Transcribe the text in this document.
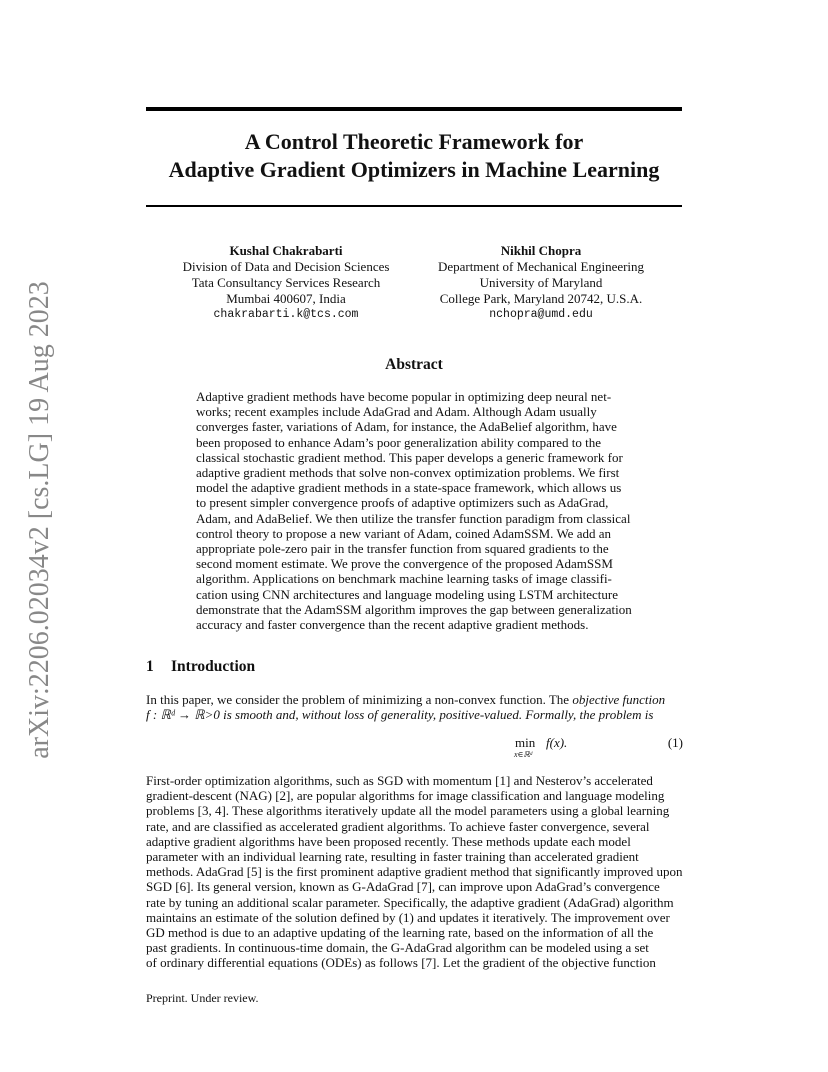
arXiv:2206.02034v2 [cs.LG] 19 Aug 2023
A Control Theoretic Framework for
Adaptive Gradient Optimizers in Machine Learning
Kushal Chakrabarti
Division of Data and Decision Sciences
Tata Consultancy Services Research
Mumbai 400607, India
chakrabarti.k@tcs.com
Nikhil Chopra
Department of Mechanical Engineering
University of Maryland
College Park, Maryland 20742, U.S.A.
nchopra@umd.edu
Abstract
Adaptive gradient methods have become popular in optimizing deep neural net-
works; recent examples include AdaGrad and Adam. Although Adam usually
converges faster, variations of Adam, for instance, the AdaBelief algorithm, have
been proposed to enhance Adam’s poor generalization ability compared to the
classical stochastic gradient method. This paper develops a generic framework for
adaptive gradient methods that solve non-convex optimization problems. We first
model the adaptive gradient methods in a state-space framework, which allows us
to present simpler convergence proofs of adaptive optimizers such as AdaGrad,
Adam, and AdaBelief. We then utilize the transfer function paradigm from classical
control theory to propose a new variant of Adam, coined AdamSSM. We add an
appropriate pole-zero pair in the transfer function from squared gradients to the
second moment estimate. We prove the convergence of the proposed AdamSSM
algorithm. Applications on benchmark machine learning tasks of image classifi-
cation using CNN architectures and language modeling using LSTM architecture
demonstrate that the AdamSSM algorithm improves the gap between generalization
accuracy and faster convergence than the recent adaptive gradient methods.
1 Introduction
In this paper, we consider the problem of minimizing a non-convex function. The objective function
f : ℝᵈ → ℝ>0 is smooth and, without loss of generality, positive-valued. Formally, the problem is
min
x∈ℝᵈ
f(x).	(1)
First-order optimization algorithms, such as SGD with momentum [1] and Nesterov’s accelerated
gradient-descent (NAG) [2], are popular algorithms for image classification and language modeling
problems [3, 4]. These algorithms iteratively update all the model parameters using a global learning
rate, and are classified as accelerated gradient algorithms. To achieve faster convergence, several
adaptive gradient algorithms have been proposed recently. These methods update each model
parameter with an individual learning rate, resulting in faster training than accelerated gradient
methods. AdaGrad [5] is the first prominent adaptive gradient method that significantly improved upon
SGD [6]. Its general version, known as G-AdaGrad [7], can improve upon AdaGrad’s convergence
rate by tuning an additional scalar parameter. Specifically, the adaptive gradient (AdaGrad) algorithm
maintains an estimate of the solution defined by (1) and updates it iteratively. The improvement over
GD method is due to an adaptive updating of the learning rate, based on the information of all the
past gradients. In continuous-time domain, the G-AdaGrad algorithm can be modeled using a set
of ordinary differential equations (ODEs) as follows [7]. Let the gradient of the objective function
Preprint. Under review.
